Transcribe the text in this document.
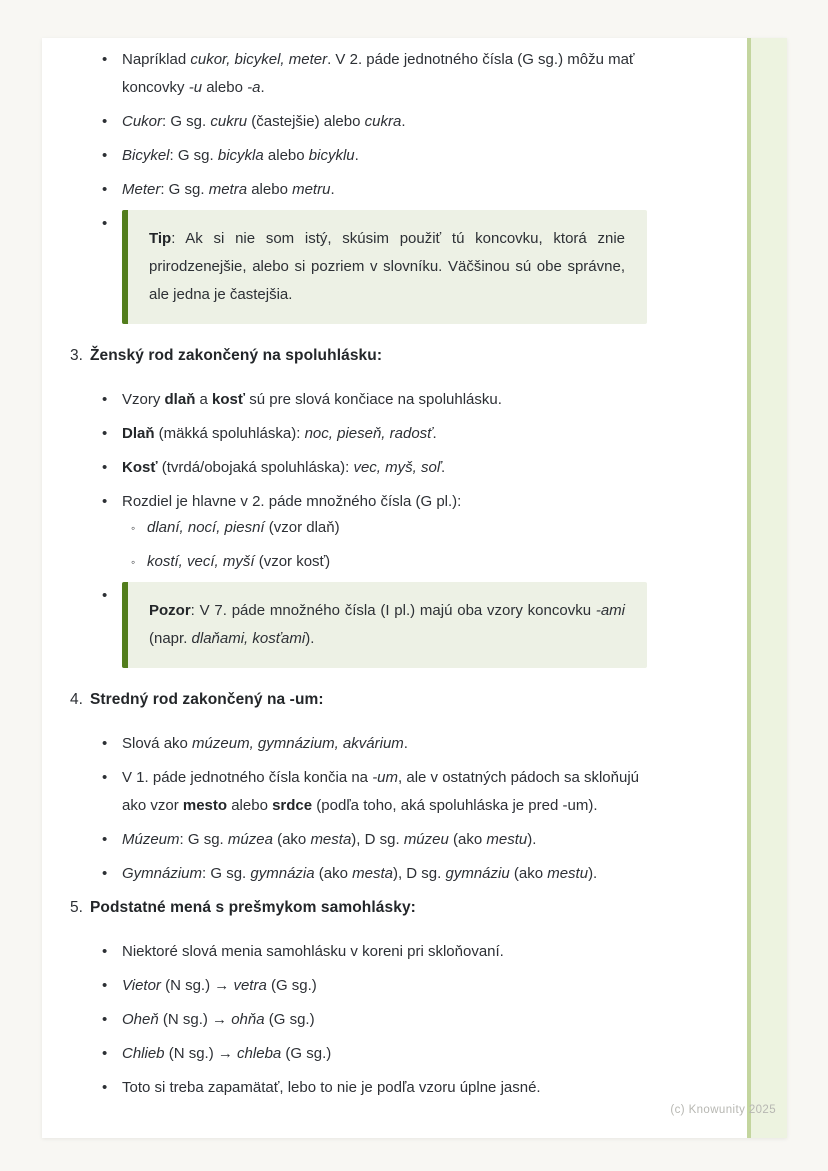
• Napríklad cukor, bicykel, meter. V 2. páde jednotného čísla (G sg.) môžu mať koncovky -u alebo -a.

• Cukor: G sg. cukru (častejšie) alebo cukra.

• Bicykel: G sg. bicykla alebo bicyklu.

• Meter: G sg. metra alebo metru.

•

Tip: Ak si nie som istý, skúsim použiť tú koncovku, ktorá znie prirodzenejšie, alebo si pozriem v slovníku. Väčšinou sú obe správne, ale jedna je častejšia.

3. Ženský rod zakončený na spoluhlásku:
• Vzory dlaň a kosť sú pre slová končiace na spoluhlásku.

• Dlaň (mäkká spoluhláska): noc, pieseň, radosť.

• Kosť (tvrdá/obojaká spoluhláska): vec, myš, soľ.

• Rozdiel je hlavne v 2. páde množného čísla (G pl.):

◦ dlaní, nocí, piesní (vzor dlaň)

◦ kostí, vecí, myší (vzor kosť)

•

Pozor: V 7. páde množného čísla (I pl.) majú oba vzory koncovku -ami (napr. dlaňami, kosťami).

4. Stredný rod zakončený na -um:
• Slová ako múzeum, gymnázium, akvárium.

• V 1. páde jednotného čísla končia na -um, ale v ostatných pádoch sa skloňujú ako vzor mesto alebo srdce (podľa toho, aká spoluhláska je pred -um).

• Múzeum: G sg. múzea (ako mesta), D sg. múzeu (ako mestu).

• Gymnázium: G sg. gymnázia (ako mesta), D sg. gymnáziu (ako mestu).

5. Podstatné mená s prešmykom samohlásky:
• Niektoré slová menia samohlásku v koreni pri skloňovaní.

• Vietor (N sg.) → vetra (G sg.)

• Oheň (N sg.) → ohňa (G sg.)

• Chlieb (N sg.) → chleba (G sg.)

• Toto si treba zapamätať, lebo to nie je podľa vzoru úplne jasné.

(c) Knowunity 2025
